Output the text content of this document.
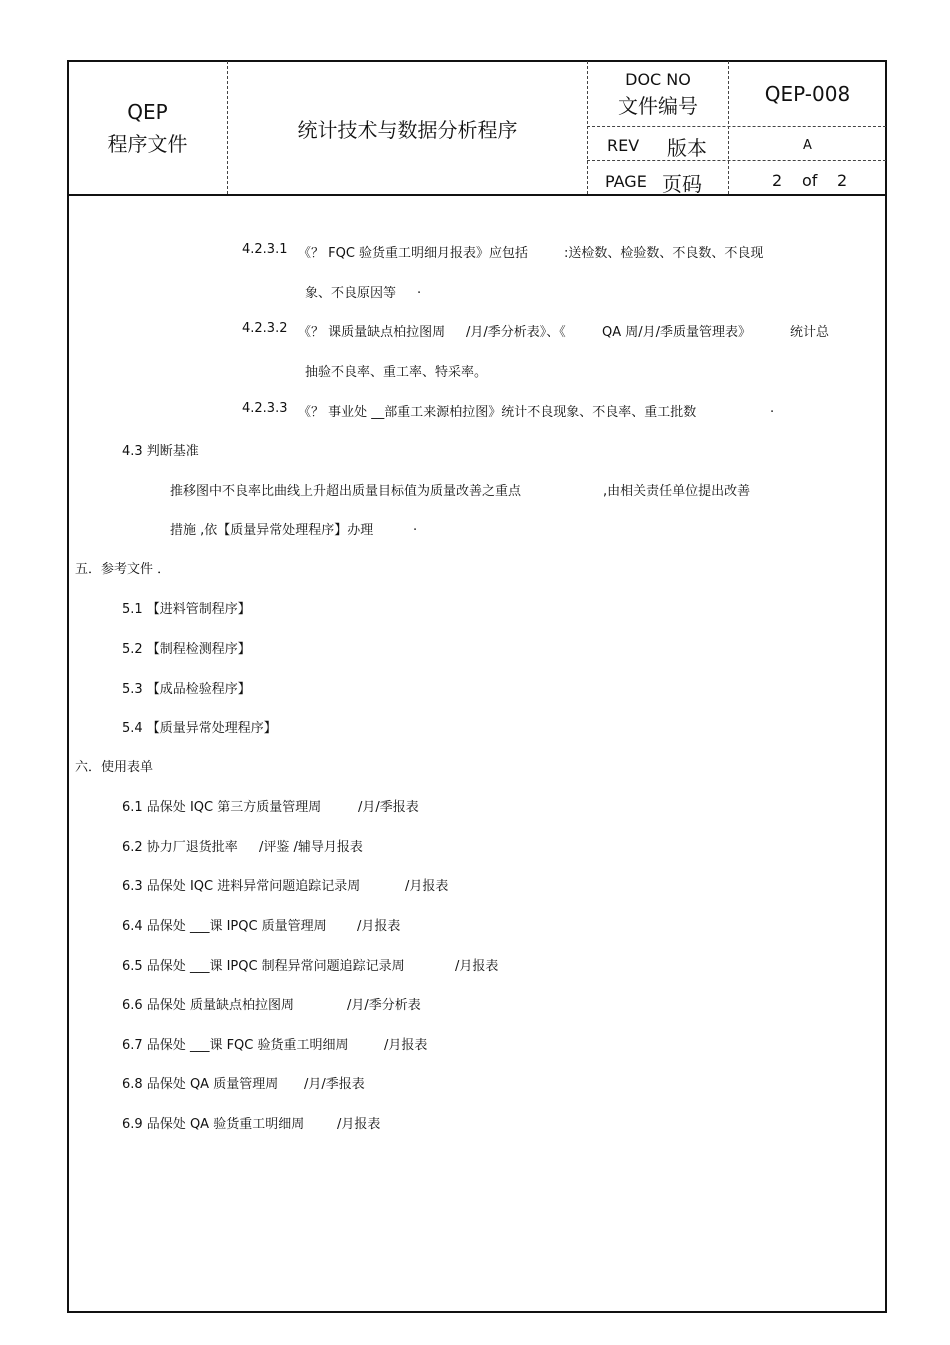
QEP
程序文件
统计技术与数据分析程序
DOC NO
文件编号	QEP-008
REV 版本	A
PAGE 页码	2 of 2
4.2.3.1 《？ FQC 验货重工明细月报表》应包括	:送检数、检验数、不良数、不良现
象、不良原因等 .
4.2.3.2 《？ 课质量缺点柏拉图周 /月/季分析表》、《	QA 周/月/季质量管理表》	统计总
抽验不良率、重工率、特采率。
4.2.3.3 《？ 事业处 __部重工来源柏拉图》统计不良现象、不良率、重工批数	.
4.3 判断基准
推移图中不良率比曲线上升超出质量目标值为质量改善之重点	,由相关责任单位提出改善
措施 ,依【质量异常处理程序】办理	.
五．参考文件 ．
5.1 【进料管制程序】
5.2 【制程检测程序】
5.3 【成品检验程序】
5.4 【质量异常处理程序】
六．使用表单
6.1 品保处 IQC 第三方质量管理周	/月/季报表
6.2 协力厂退货批率 /评鉴 /辅导月报表
6.3 品保处 IQC 进料异常问题追踪记录周	/月报表
6.4 品保处 ___课 IPQC 质量管理周 /月报表
6.5 品保处 ___课 IPQC 制程异常问题追踪记录周	/月报表
6.6 品保处 质量缺点柏拉图周	/月/季分析表
6.7 品保处 ___课 FQC 验货重工明细周	/月报表
6.8 品保处 QA 质量管理周 /月/季报表
6.9 品保处 QA 验货重工明细周	/月报表
